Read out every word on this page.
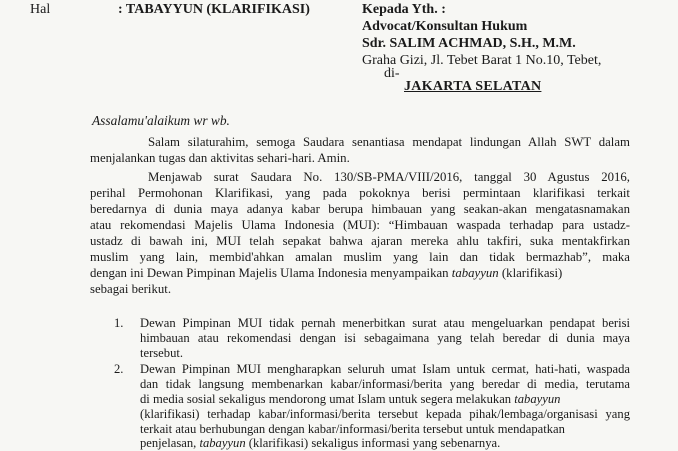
Hal	: TABAYYUN (KLARIFIKASI)	Kepada Yth. :
Advocat/Konsultan Hukum
Sdr. SALIM ACHMAD, S.H., M.M.
Graha Gizi, Jl. Tebet Barat 1 No.10, Tebet,
di-
JAKARTA SELATAN
Assalamu'alaikum wr wb.
Salam silaturahim, semoga Saudara senantiasa mendapat lindungan Allah SWT dalam
menjalankan tugas dan aktivitas sehari-hari. Amin.
Menjawab surat Saudara No. 130/SB-PMA/VIII/2016, tanggal 30 Agustus 2016,
perihal Permohonan Klarifikasi, yang pada pokoknya berisi permintaan klarifikasi terkait
beredarnya di dunia maya adanya kabar berupa himbauan yang seakan-akan mengatasnamakan
atau rekomendasi Majelis Ulama Indonesia (MUI): “Himbauan waspada terhadap para ustadz-
ustadz di bawah ini, MUI telah sepakat bahwa ajaran mereka ahlu takfiri, suka mentakfirkan
muslim yang lain, membid'ahkan amalan muslim yang lain dan tidak bermazhab”, maka
dengan ini Dewan Pimpinan Majelis Ulama Indonesia menyampaikan tabayyun (klarifikasi)
sebagai berikut.
1. Dewan Pimpinan MUI tidak pernah menerbitkan surat atau mengeluarkan pendapat berisi
himbauan atau rekomendasi dengan isi sebagaimana yang telah beredar di dunia maya
tersebut.
2. Dewan Pimpinan MUI mengharapkan seluruh umat Islam untuk cermat, hati-hati, waspada
dan tidak langsung membenarkan kabar/informasi/berita yang beredar di media, terutama
di media sosial sekaligus mendorong umat Islam untuk segera melakukan tabayyun
(klarifikasi) terhadap kabar/informasi/berita tersebut kepada pihak/lembaga/organisasi yang
terkait atau berhubungan dengan kabar/informasi/berita tersebut untuk mendapatkan
penjelasan, tabayyun (klarifikasi) sekaligus informasi yang sebenarnya.
